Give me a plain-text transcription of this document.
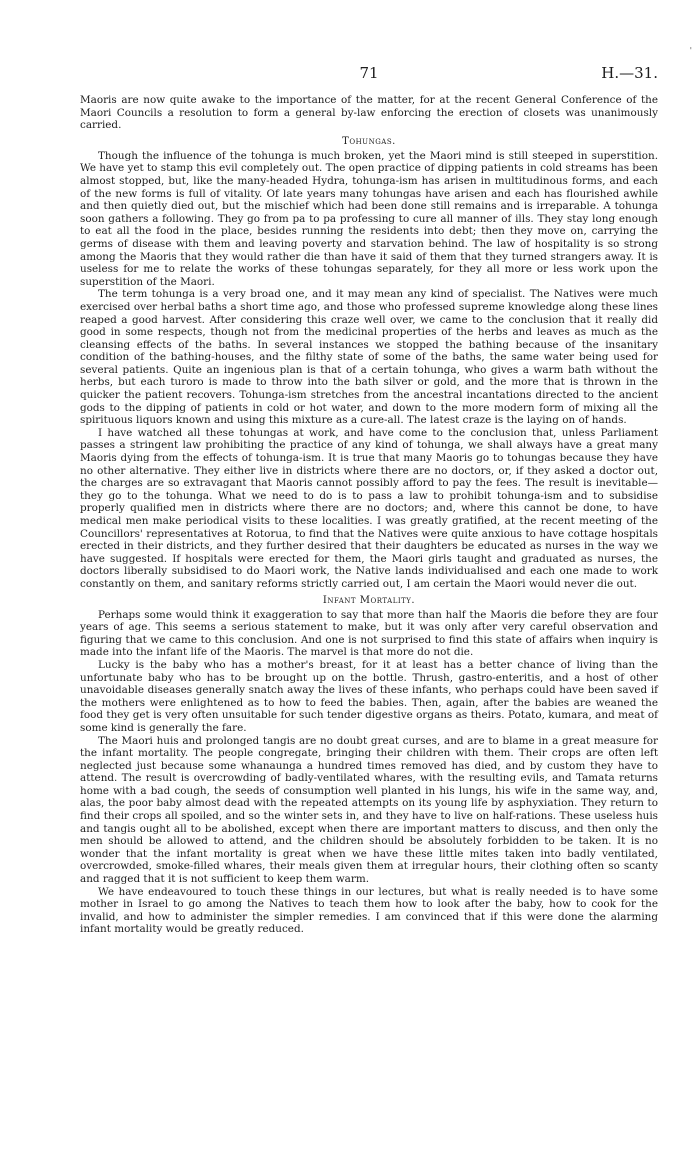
'
71	H.—31.

Maoris are now quite awake to the importance of the matter, for at the recent General Conference of the Maori Councils a resolution to form a general by-law enforcing the erection of closets was unanimously carried.

Tohungas.

Though the influence of the tohunga is much broken, yet the Maori mind is still steeped in superstition. We have yet to stamp this evil completely out. The open practice of dipping patients in cold streams has been almost stopped, but, like the many-headed Hydra, tohunga-ism has arisen in multitudinous forms, and each of the new forms is full of vitality. Of late years many tohungas have arisen and each has flourished awhile and then quietly died out, but the mischief which had been done still remains and is irreparable. A tohunga soon gathers a following. They go from pa to pa professing to cure all manner of ills. They stay long enough to eat all the food in the place, besides running the residents into debt; then they move on, carrying the germs of disease with them and leaving poverty and starvation behind. The law of hospitality is so strong among the Maoris that they would rather die than have it said of them that they turned strangers away. It is useless for me to relate the works of these tohungas separately, for they all more or less work upon the superstition of the Maori.

The term tohunga is a very broad one, and it may mean any kind of specialist. The Natives were much exercised over herbal baths a short time ago, and those who professed supreme knowledge along these lines reaped a good harvest. After considering this craze well over, we came to the conclusion that it really did good in some respects, though not from the medicinal properties of the herbs and leaves as much as the cleansing effects of the baths. In several instances we stopped the bathing because of the insanitary condition of the bathing-houses, and the filthy state of some of the baths, the same water being used for several patients. Quite an ingenious plan is that of a certain tohunga, who gives a warm bath without the herbs, but each turoro is made to throw into the bath silver or gold, and the more that is thrown in the quicker the patient recovers. Tohunga-ism stretches from the ancestral incantations directed to the ancient gods to the dipping of patients in cold or hot water, and down to the more modern form of mixing all the spirituous liquors known and using this mixture as a cure-all. The latest craze is the laying on of hands.

I have watched all these tohungas at work, and have come to the conclusion that, unless Parliament passes a stringent law prohibiting the practice of any kind of tohunga, we shall always have a great many Maoris dying from the effects of tohunga-ism. It is true that many Maoris go to tohungas because they have no other alternative. They either live in districts where there are no doctors, or, if they asked a doctor out, the charges are so extravagant that Maoris cannot possibly afford to pay the fees. The result is inevitable—they go to the tohunga. What we need to do is to pass a law to prohibit tohunga-ism and to subsidise properly qualified men in districts where there are no doctors; and, where this cannot be done, to have medical men make periodical visits to these localities. I was greatly gratified, at the recent meeting of the Councillors' representatives at Rotorua, to find that the Natives were quite anxious to have cottage hospitals erected in their districts, and they further desired that their daughters be educated as nurses in the way we have suggested. If hospitals were erected for them, the Maori girls taught and graduated as nurses, the doctors liberally subsidised to do Maori work, the Native lands individualised and each one made to work constantly on them, and sanitary reforms strictly carried out, I am certain the Maori would never die out.

Infant Mortality.

Perhaps some would think it exaggeration to say that more than half the Maoris die before they are four years of age. This seems a serious statement to make, but it was only after very careful observation and figuring that we came to this conclusion. And one is not surprised to find this state of affairs when inquiry is made into the infant life of the Maoris. The marvel is that more do not die.

Lucky is the baby who has a mother's breast, for it at least has a better chance of living than the unfortunate baby who has to be brought up on the bottle. Thrush, gastro-enteritis, and a host of other unavoidable diseases generally snatch away the lives of these infants, who perhaps could have been saved if the mothers were enlightened as to how to feed the babies. Then, again, after the babies are weaned the food they get is very often unsuitable for such tender digestive organs as theirs. Potato, kumara, and meat of some kind is generally the fare.

The Maori huis and prolonged tangis are no doubt great curses, and are to blame in a great measure for the infant mortality. The people congregate, bringing their children with them. Their crops are often left neglected just because some whanaunga a hundred times removed has died, and by custom they have to attend. The result is overcrowding of badly-ventilated whares, with the resulting evils, and Tamata returns home with a bad cough, the seeds of consumption well planted in his lungs, his wife in the same way, and, alas, the poor baby almost dead with the repeated attempts on its young life by asphyxiation. They return to find their crops all spoiled, and so the winter sets in, and they have to live on half-rations. These useless huis and tangis ought all to be abolished, except when there are important matters to discuss, and then only the men should be allowed to attend, and the children should be absolutely forbidden to be taken. It is no wonder that the infant mortality is great when we have these little mites taken into badly ventilated, overcrowded, smoke-filled whares, their meals given them at irregular hours, their clothing often so scanty and ragged that it is not sufficient to keep them warm.

We have endeavoured to touch these things in our lectures, but what is really needed is to have some mother in Israel to go among the Natives to teach them how to look after the baby, how to cook for the invalid, and how to administer the simpler remedies. I am convinced that if this were done the alarming infant mortality would be greatly reduced.
